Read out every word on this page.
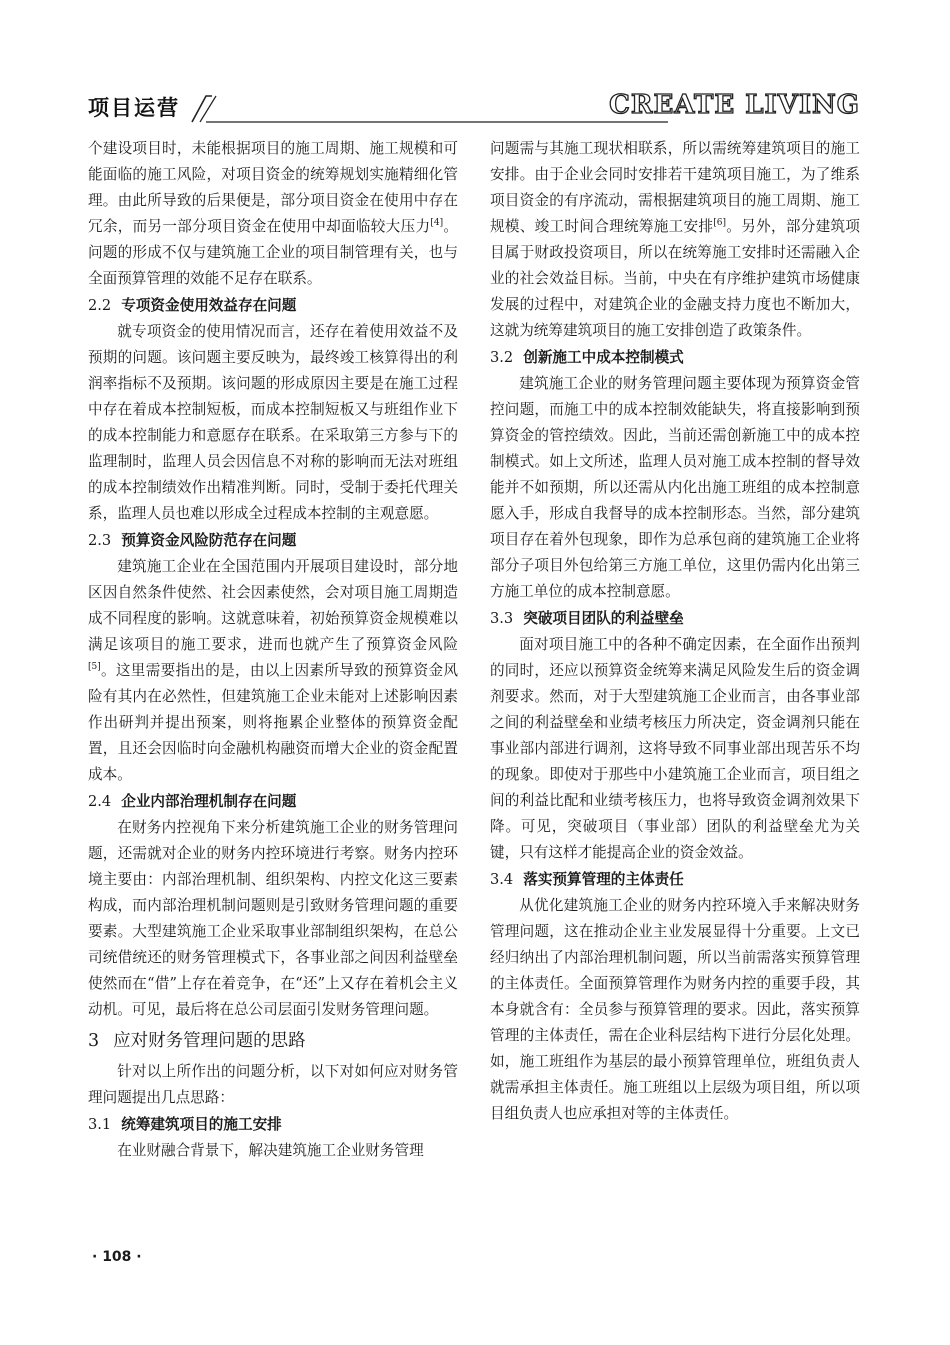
项目运营	CREATE LIVING

个建设项目时，未能根据项目的施工周期、施工规模和可能面临的施工风险，对项目资金的统筹规划实施精细化管理。由此所导致的后果便是，部分项目资金在使用中存在冗余，而另一部分项目资金在使用中却面临较大压力[4]。问题的形成不仅与建筑施工企业的项目制管理有关，也与全面预算管理的效能不足存在联系。

2.2 专项资金使用效益存在问题

就专项资金的使用情况而言，还存在着使用效益不及预期的问题。该问题主要反映为，最终竣工核算得出的利润率指标不及预期。该问题的形成原因主要是在施工过程中存在着成本控制短板，而成本控制短板又与班组作业下的成本控制能力和意愿存在联系。在采取第三方参与下的监理制时，监理人员会因信息不对称的影响而无法对班组的成本控制绩效作出精准判断。同时，受制于委托代理关系，监理人员也难以形成全过程成本控制的主观意愿。

2.3 预算资金风险防范存在问题

建筑施工企业在全国范围内开展项目建设时，部分地区因自然条件使然、社会因素使然，会对项目施工周期造成不同程度的影响。这就意味着，初始预算资金规模难以满足该项目的施工要求，进而也就产生了预算资金风险[5]。这里需要指出的是，由以上因素所导致的预算资金风险有其内在必然性，但建筑施工企业未能对上述影响因素作出研判并提出预案，则将拖累企业整体的预算资金配置，且还会因临时向金融机构融资而增大企业的资金配置成本。

2.4 企业内部治理机制存在问题

在财务内控视角下来分析建筑施工企业的财务管理问题，还需就对企业的财务内控环境进行考察。财务内控环境主要由：内部治理机制、组织架构、内控文化这三要素构成，而内部治理机制问题则是引致财务管理问题的重要要素。大型建筑施工企业采取事业部制组织架构，在总公司统借统还的财务管理模式下，各事业部之间因利益壁垒使然而在“借”上存在着竞争，在“还”上又存在着机会主义动机。可见，最后将在总公司层面引发财务管理问题。

3 应对财务管理问题的思路

针对以上所作出的问题分析，以下对如何应对财务管理问题提出几点思路：

3.1 统筹建筑项目的施工安排

在业财融合背景下，解决建筑施工企业财务管理

问题需与其施工现状相联系，所以需统筹建筑项目的施工安排。由于企业会同时安排若干建筑项目施工，为了维系项目资金的有序流动，需根据建筑项目的施工周期、施工规模、竣工时间合理统筹施工安排[6]。另外，部分建筑项目属于财政投资项目，所以在统筹施工安排时还需融入企业的社会效益目标。当前，中央在有序维护建筑市场健康发展的过程中，对建筑企业的金融支持力度也不断加大，这就为统筹建筑项目的施工安排创造了政策条件。

3.2 创新施工中成本控制模式

建筑施工企业的财务管理问题主要体现为预算资金管控问题，而施工中的成本控制效能缺失，将直接影响到预算资金的管控绩效。因此，当前还需创新施工中的成本控制模式。如上文所述，监理人员对施工成本控制的督导效能并不如预期，所以还需从内化出施工班组的成本控制意愿入手，形成自我督导的成本控制形态。当然，部分建筑项目存在着外包现象，即作为总承包商的建筑施工企业将部分子项目外包给第三方施工单位，这里仍需内化出第三方施工单位的成本控制意愿。

3.3 突破项目团队的利益壁垒

面对项目施工中的各种不确定因素，在全面作出预判的同时，还应以预算资金统筹来满足风险发生后的资金调剂要求。然而，对于大型建筑施工企业而言，由各事业部之间的利益壁垒和业绩考核压力所决定，资金调剂只能在事业部内部进行调剂，这将导致不同事业部出现苦乐不均的现象。即使对于那些中小建筑施工企业而言，项目组之间的利益比配和业绩考核压力，也将导致资金调剂效果下降。可见，突破项目（事业部）团队的利益壁垒尤为关键，只有这样才能提高企业的资金效益。

3.4 落实预算管理的主体责任

从优化建筑施工企业的财务内控环境入手来解决财务管理问题，这在推动企业主业发展显得十分重要。上文已经归纳出了内部治理机制问题，所以当前需落实预算管理的主体责任。全面预算管理作为财务内控的重要手段，其本身就含有：全员参与预算管理的要求。因此，落实预算管理的主体责任，需在企业科层结构下进行分层化处理。如，施工班组作为基层的最小预算管理单位，班组负责人就需承担主体责任。施工班组以上层级为项目组，所以项目组负责人也应承担对等的主体责任。

· 108 ·
